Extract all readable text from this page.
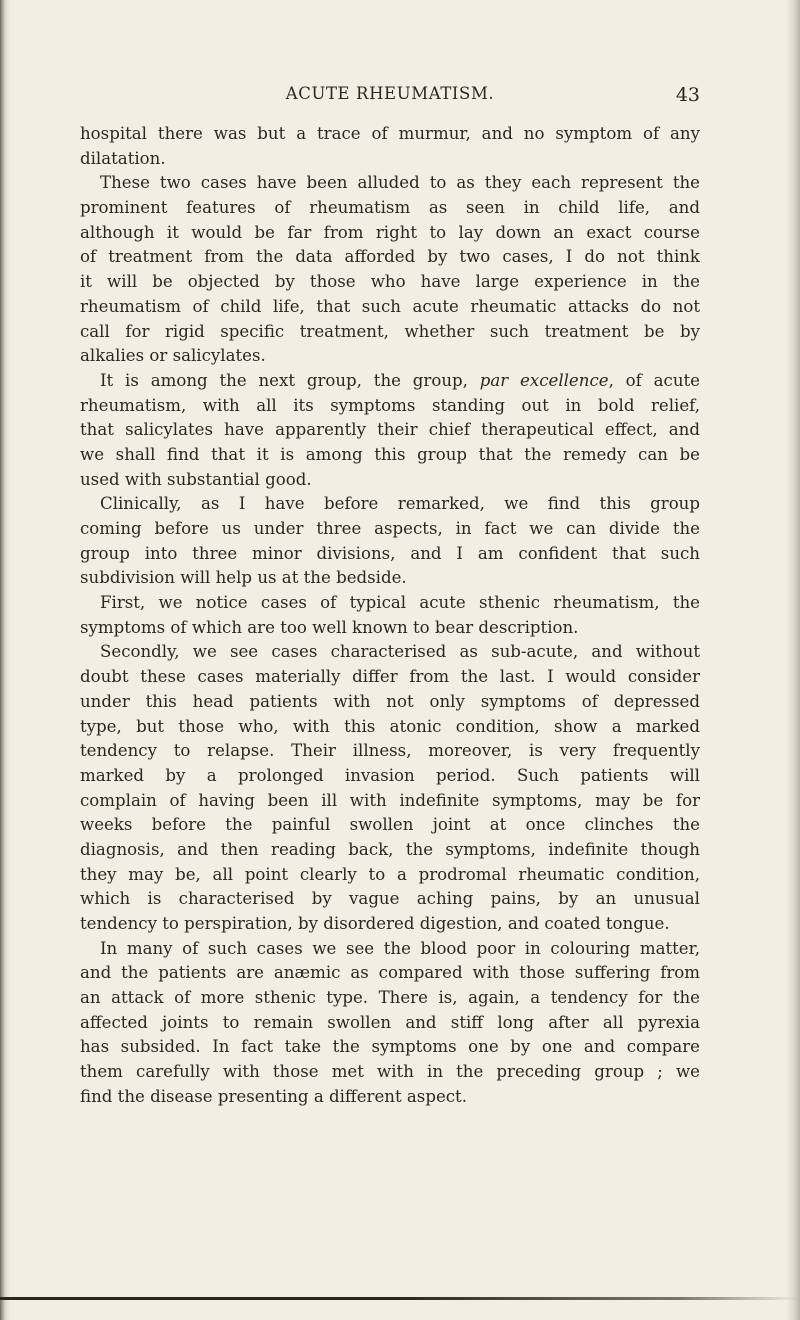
ACUTE RHEUMATISM.	43
hospital there was but a trace of murmur, and no symptom of any
dilatation.
These two cases have been alluded to as they each represent the
prominent features of rheumatism as seen in child life, and
although it would be far from right to lay down an exact course
of treatment from the data afforded by two cases, I do not think
it will be objected by those who have large experience in the
rheumatism of child life, that such acute rheumatic attacks do not
call for rigid specific treatment, whether such treatment be by
alkalies or salicylates.
It is among the next group, the group, par excellence, of acute
rheumatism, with all its symptoms standing out in bold relief,
that salicylates have apparently their chief therapeutical effect, and
we shall find that it is among this group that the remedy can be
used with substantial good.
Clinically, as I have before remarked, we find this group
coming before us under three aspects, in fact we can divide the
group into three minor divisions, and I am confident that such
subdivision will help us at the bedside.
First, we notice cases of typical acute sthenic rheumatism, the
symptoms of which are too well known to bear description.
Secondly, we see cases characterised as sub-acute, and without
doubt these cases materially differ from the last. I would consider
under this head patients with not only symptoms of depressed
type, but those who, with this atonic condition, show a marked
tendency to relapse. Their illness, moreover, is very frequently
marked by a prolonged invasion period. Such patients will
complain of having been ill with indefinite symptoms, may be for
weeks before the painful swollen joint at once clinches the
diagnosis, and then reading back, the symptoms, indefinite though
they may be, all point clearly to a prodromal rheumatic condition,
which is characterised by vague aching pains, by an unusual
tendency to perspiration, by disordered digestion, and coated tongue.
In many of such cases we see the blood poor in colouring matter,
and the patients are anæmic as compared with those suffering from
an attack of more sthenic type. There is, again, a tendency for the
affected joints to remain swollen and stiff long after all pyrexia
has subsided. In fact take the symptoms one by one and compare
them carefully with those met with in the preceding group ; we
find the disease presenting a different aspect.
